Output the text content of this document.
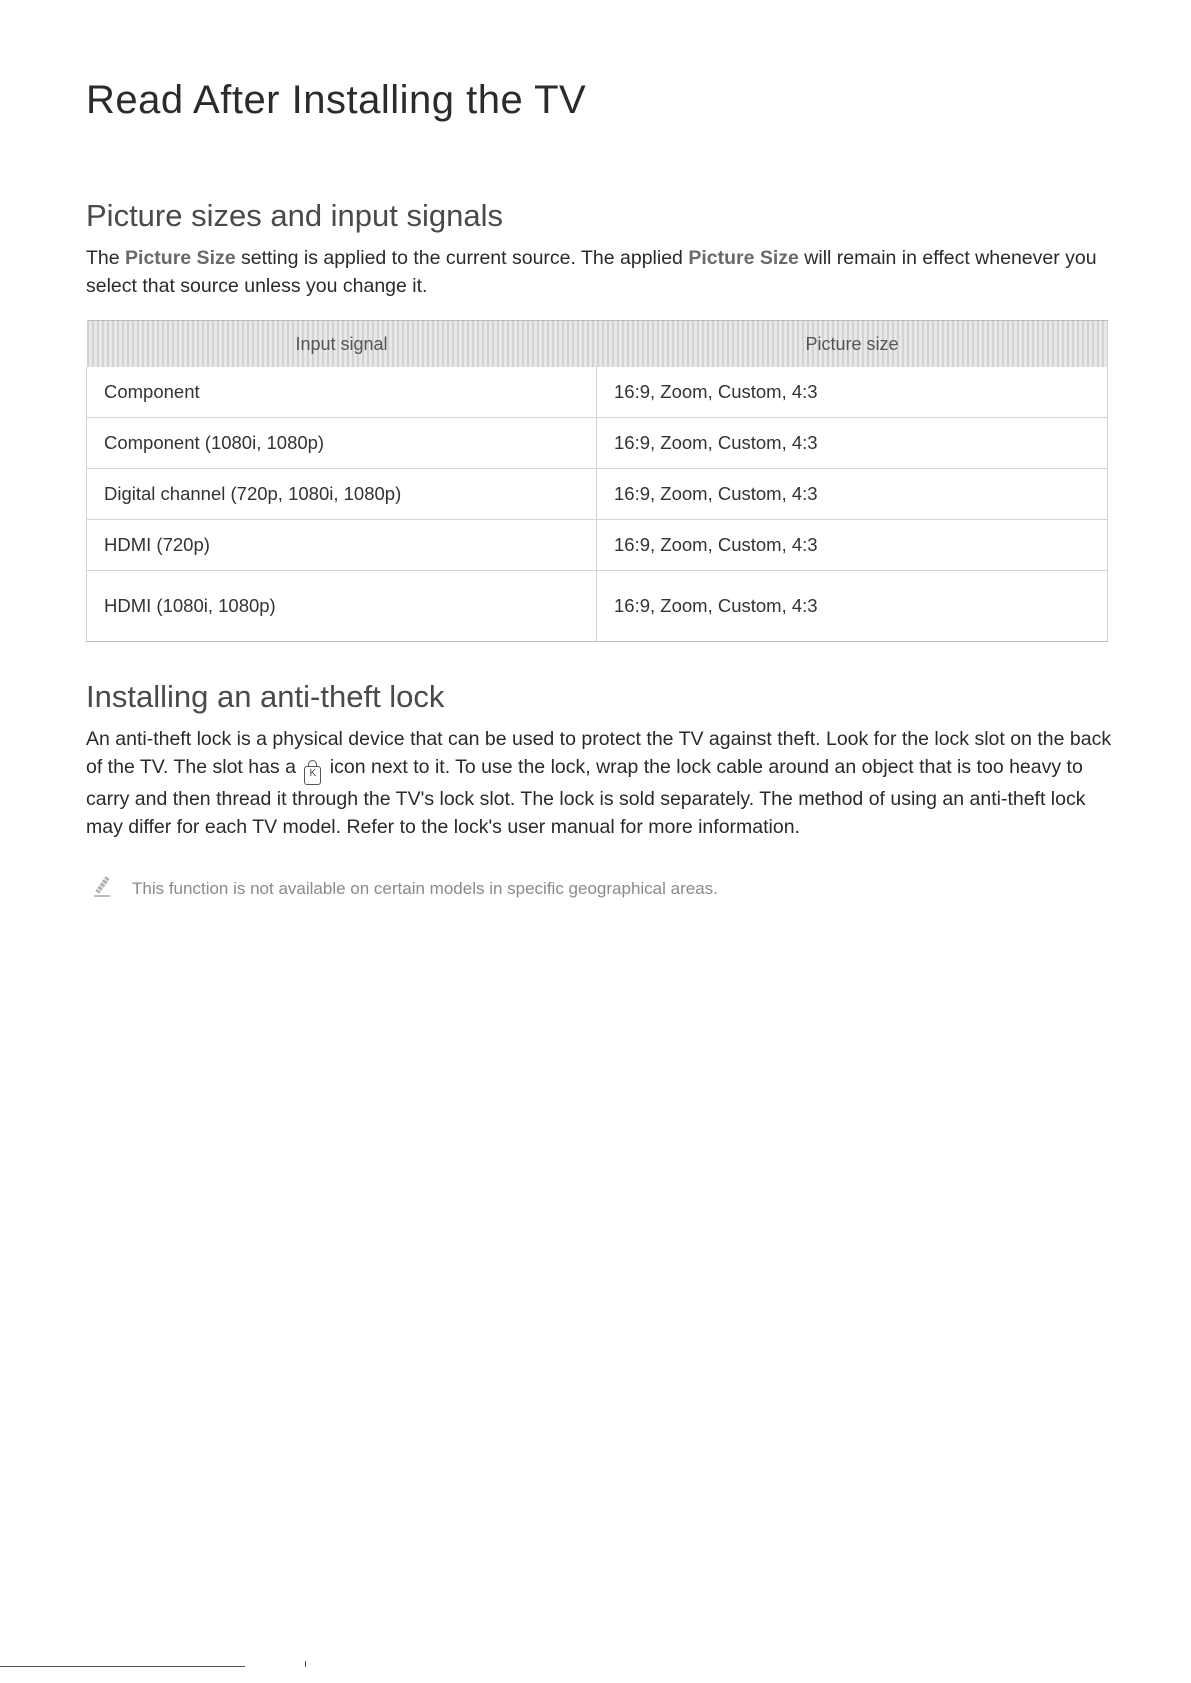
Read After Installing the TV
Picture sizes and input signals

The Picture Size setting is applied to the current source. The applied Picture Size will remain in effect whenever you select that source unless you change it.

Input signal	Picture size
Component	16:9, Zoom, Custom, 4:3
Component (1080i, 1080p)	16:9, Zoom, Custom, 4:3
Digital channel (720p, 1080i, 1080p)	16:9, Zoom, Custom, 4:3
HDMI (720p)	16:9, Zoom, Custom, 4:3
HDMI (1080i, 1080p)	16:9, Zoom, Custom, 4:3
Installing an anti-theft lock

An anti-theft lock is a physical device that can be used to protect the TV against theft. Look for the lock slot on the back of the TV. The slot has a K icon next to it. To use the lock, wrap the lock cable around an object that is too heavy to carry and then thread it through the TV's lock slot. The lock is sold separately. The method of using an anti-theft lock may differ for each TV model. Refer to the lock's user manual for more information.

This function is not available on certain models in specific geographical areas.
